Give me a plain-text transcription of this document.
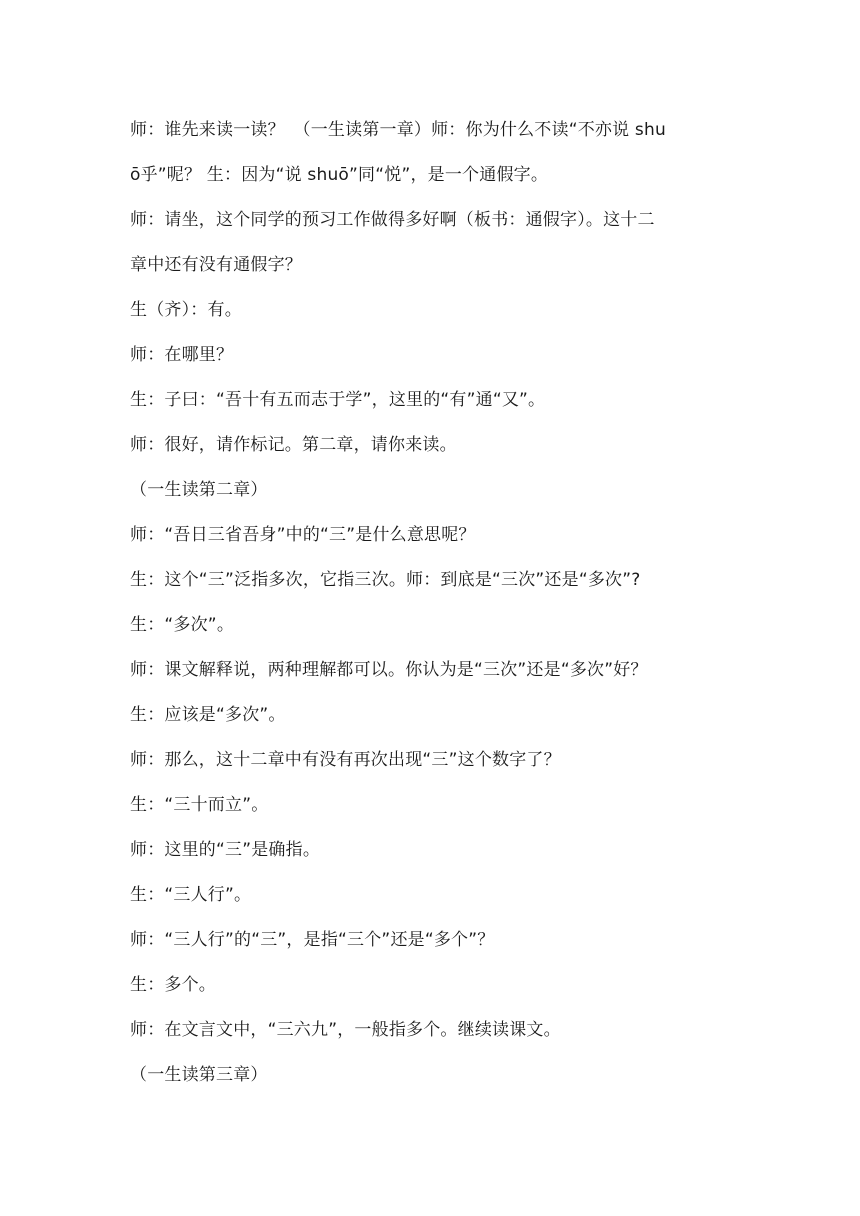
师：谁先来读一读？　（一生读第一章）师：你为什么不读“不亦说 shu
ō乎”呢？ 生：因为“说 shuō”同“悦”，是一个通假字。
师：请坐，这个同学的预习工作做得多好啊（板书：通假字）。这十二
章中还有没有通假字？
生（齐）：有。
师：在哪里？
生：子曰：“吾十有五而志于学”，这里的“有”通“又”。
师：很好，请作标记。第二章，请你来读。
（一生读第二章）
师：“吾日三省吾身”中的“三”是什么意思呢？
生：这个“三”泛指多次，它指三次。师：到底是“三次”还是“多次”?
生：“多次”。
师：课文解释说，两种理解都可以。你认为是“三次”还是“多次”好？
生：应该是“多次”。
师：那么，这十二章中有没有再次出现“三”这个数字了？
生：“三十而立”。
师：这里的“三”是确指。
生：“三人行”。
师：“三人行”的“三”，是指“三个”还是“多个”？
生：多个。
师：在文言文中，“三六九”，一般指多个。继续读课文。
（一生读第三章）
